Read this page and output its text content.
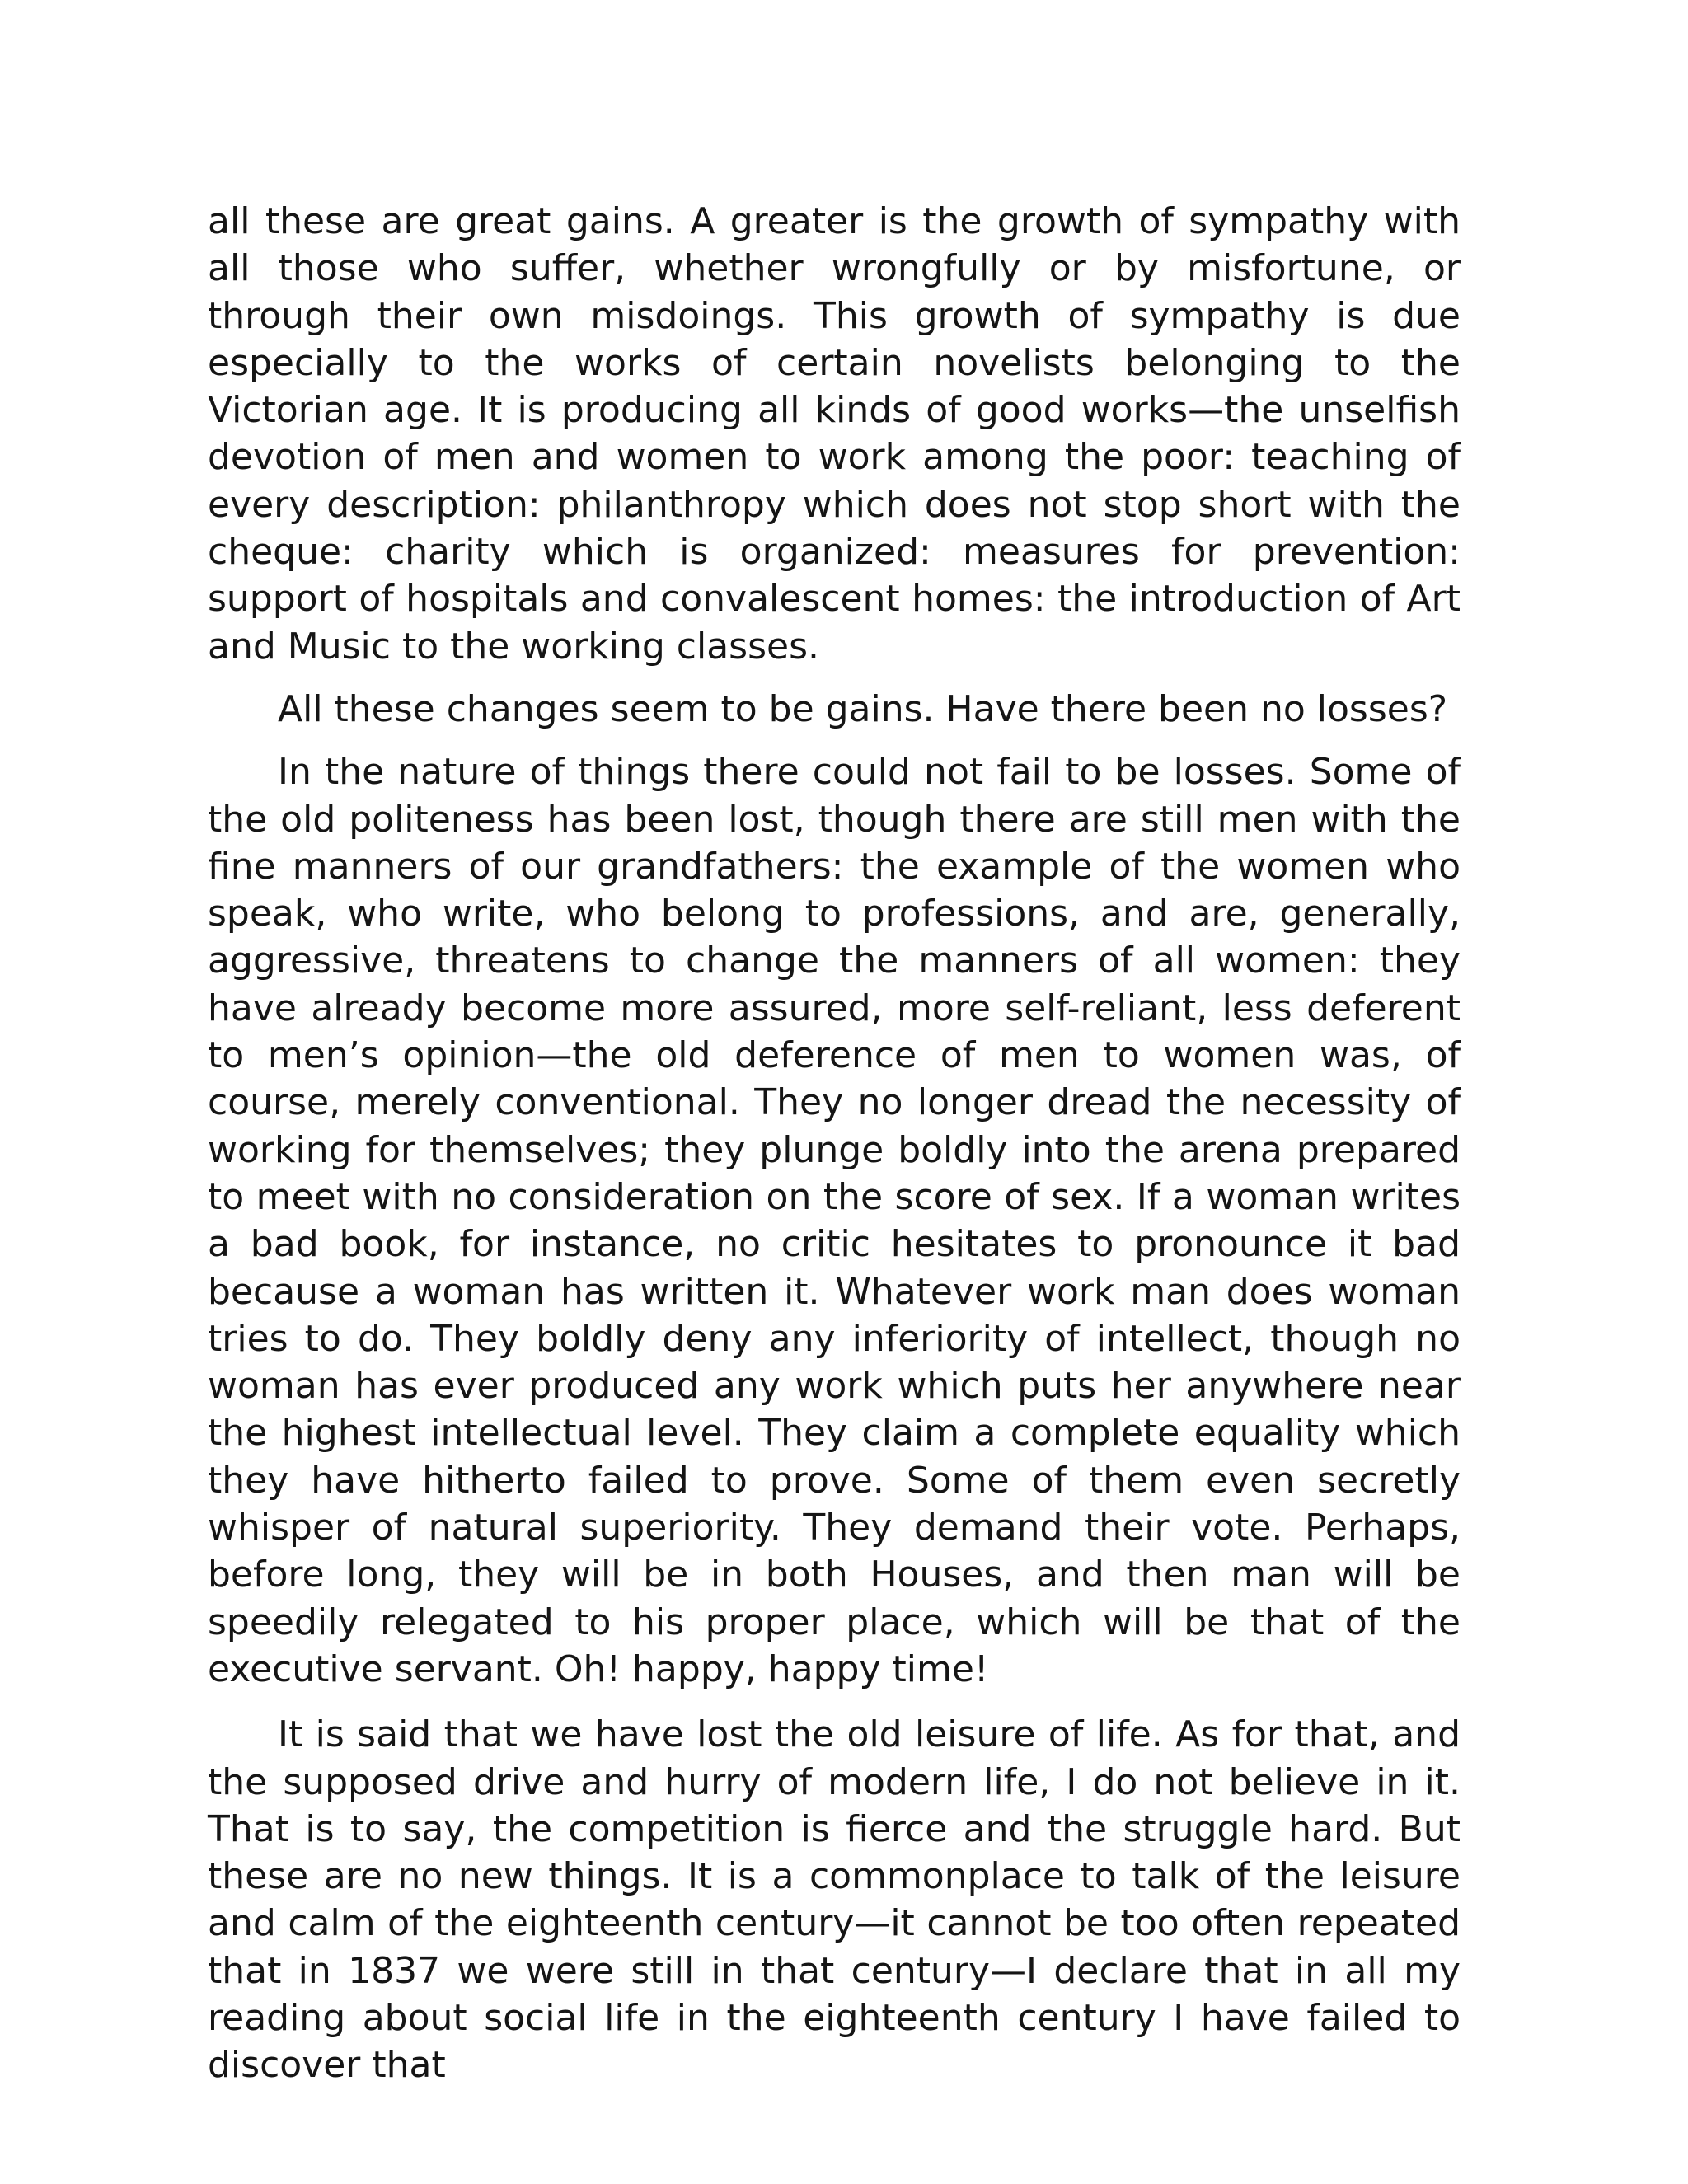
all these are great gains. A greater is the growth of sympathy with all those who suffer, whether wrongfully or by misfortune, or through their own misdoings. This growth of sympathy is due especially to the works of certain novelists belonging to the Victorian age. It is producing all kinds of good works—the unselfish devotion of men and women to work among the poor: teaching of every description: philanthropy which does not stop short with the cheque: charity which is organized: measures for prevention: support of hospitals and convalescent homes: the introduction of Art and Music to the working classes.

All these changes seem to be gains. Have there been no losses?

In the nature of things there could not fail to be losses. Some of the old politeness has been lost, though there are still men with the fine manners of our grandfathers: the example of the women who speak, who write, who belong to professions, and are, generally, aggressive, threatens to change the manners of all women: they have already become more assured, more self-reliant, less deferent to men’s opinion—the old deference of men to women was, of course, merely conventional. They no longer dread the necessity of working for themselves; they plunge boldly into the arena prepared to meet with no consideration on the score of sex. If a woman writes a bad book, for instance, no critic hesitates to pronounce it bad because a woman has written it. Whatever work man does woman tries to do. They boldly deny any inferiority of intellect, though no woman has ever produced any work which puts her anywhere near the highest intellectual level. They claim a complete equality which they have hitherto failed to prove. Some of them even secretly whisper of natural superiority. They demand their vote. Perhaps, before long, they will be in both Houses, and then man will be speedily relegated to his proper place, which will be that of the executive servant. Oh! happy, happy time!

It is said that we have lost the old leisure of life. As for that, and the supposed drive and hurry of modern life, I do not believe in it. That is to say, the competition is fierce and the struggle hard. But these are no new things. It is a commonplace to talk of the leisure and calm of the eighteenth century—it cannot be too often repeated that in 1837 we were still in that century—I declare that in all my reading about social life in the eighteenth century I have failed to discover that
